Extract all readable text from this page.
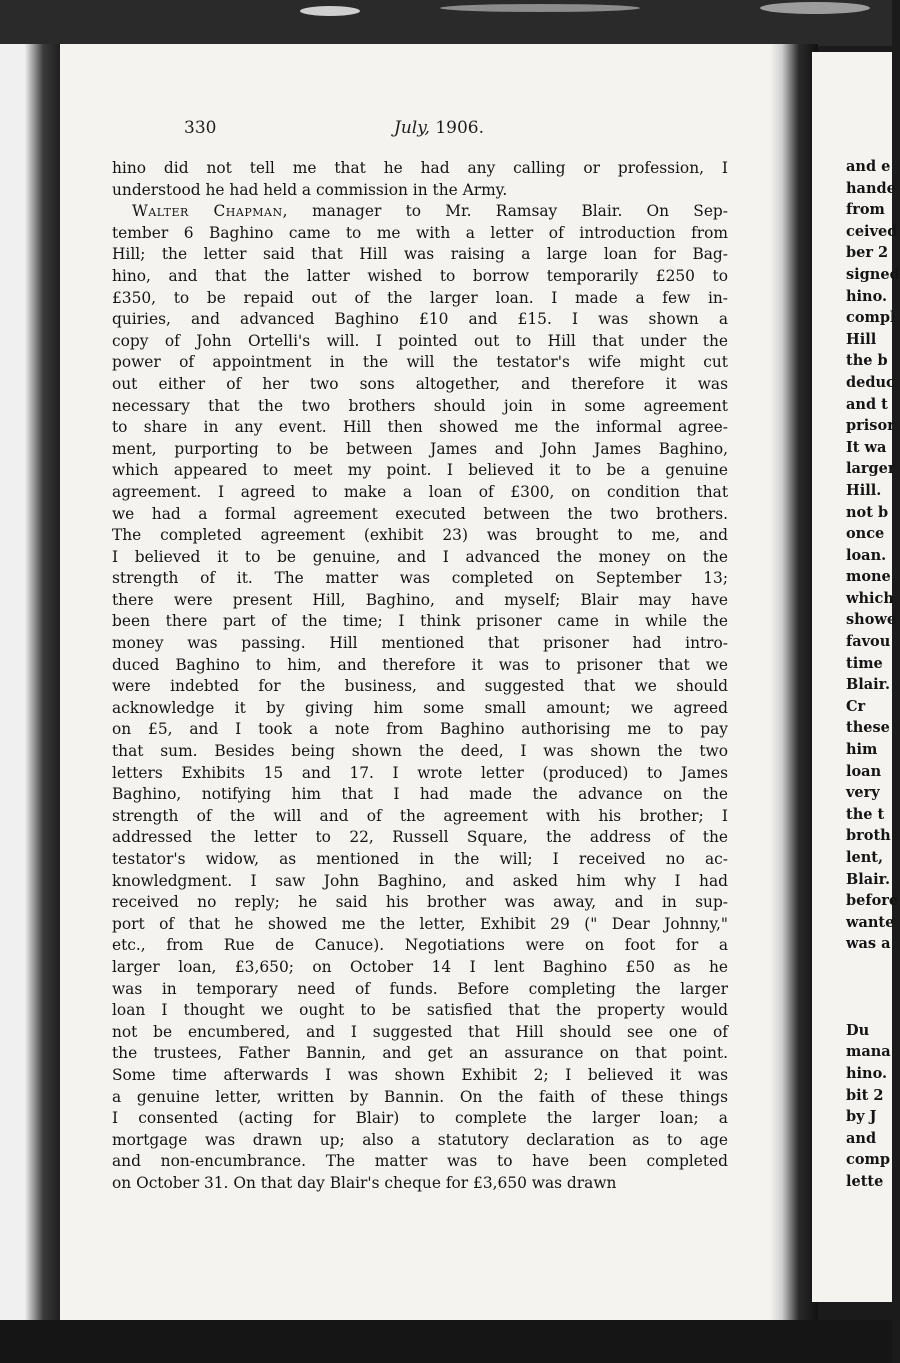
330	July, 1906.
hino did not tell me that he had any calling or profession, I
understood he had held a commission in the Army.
Walter Chapman, manager to Mr. Ramsay Blair. On Sep-
tember 6 Baghino came to me with a letter of introduction from
Hill; the letter said that Hill was raising a large loan for Bag-
hino, and that the latter wished to borrow temporarily £250 to
£350, to be repaid out of the larger loan. I made a few in-
quiries, and advanced Baghino £10 and £15. I was shown a
copy of John Ortelli's will. I pointed out to Hill that under the
power of appointment in the will the testator's wife might cut
out either of her two sons altogether, and therefore it was
necessary that the two brothers should join in some agreement
to share in any event. Hill then showed me the informal agree-
ment, purporting to be between James and John James Baghino,
which appeared to meet my point. I believed it to be a genuine
agreement. I agreed to make a loan of £300, on condition that
we had a formal agreement executed between the two brothers.
The completed agreement (exhibit 23) was brought to me, and
I believed it to be genuine, and I advanced the money on the
strength of it. The matter was completed on September 13;
there were present Hill, Baghino, and myself; Blair may have
been there part of the time; I think prisoner came in while the
money was passing. Hill mentioned that prisoner had intro-
duced Baghino to him, and therefore it was to prisoner that we
were indebted for the business, and suggested that we should
acknowledge it by giving him some small amount; we agreed
on £5, and I took a note from Baghino authorising me to pay
that sum. Besides being shown the deed, I was shown the two
letters Exhibits 15 and 17. I wrote letter (produced) to James
Baghino, notifying him that I had made the advance on the
strength of the will and of the agreement with his brother; I
addressed the letter to 22, Russell Square, the address of the
testator's widow, as mentioned in the will; I received no ac-
knowledgment. I saw John Baghino, and asked him why I had
received no reply; he said his brother was away, and in sup-
port of that he showed me the letter, Exhibit 29 (" Dear Johnny,"
etc., from Rue de Canuce). Negotiations were on foot for a
larger loan, £3,650; on October 14 I lent Baghino £50 as he
was in temporary need of funds. Before completing the larger
loan I thought we ought to be satisfied that the property would
not be encumbered, and I suggested that Hill should see one of
the trustees, Father Bannin, and get an assurance on that point.
Some time afterwards I was shown Exhibit 2; I believed it was
a genuine letter, written by Bannin. On the faith of these things
I consented (acting for Blair) to complete the larger loan; a
mortgage was drawn up; also a statutory declaration as to age
and non-encumbrance. The matter was to have been completed
on October 31. On that day Blair's cheque for £3,650 was drawn
and e
hande
from
ceived
ber 2
signed
hino.
compl
Hill
the b
deduc
and t
prisor
It wa
larger
Hill.
not b
once
loan.
mone
which
showe
favou
time
Blair.
Cr
these
him
loan
very
the t
broth
lent,
Blair.
before
wante
was a
Du
mana
hino.
bit 2
by J
and
comp
lette
